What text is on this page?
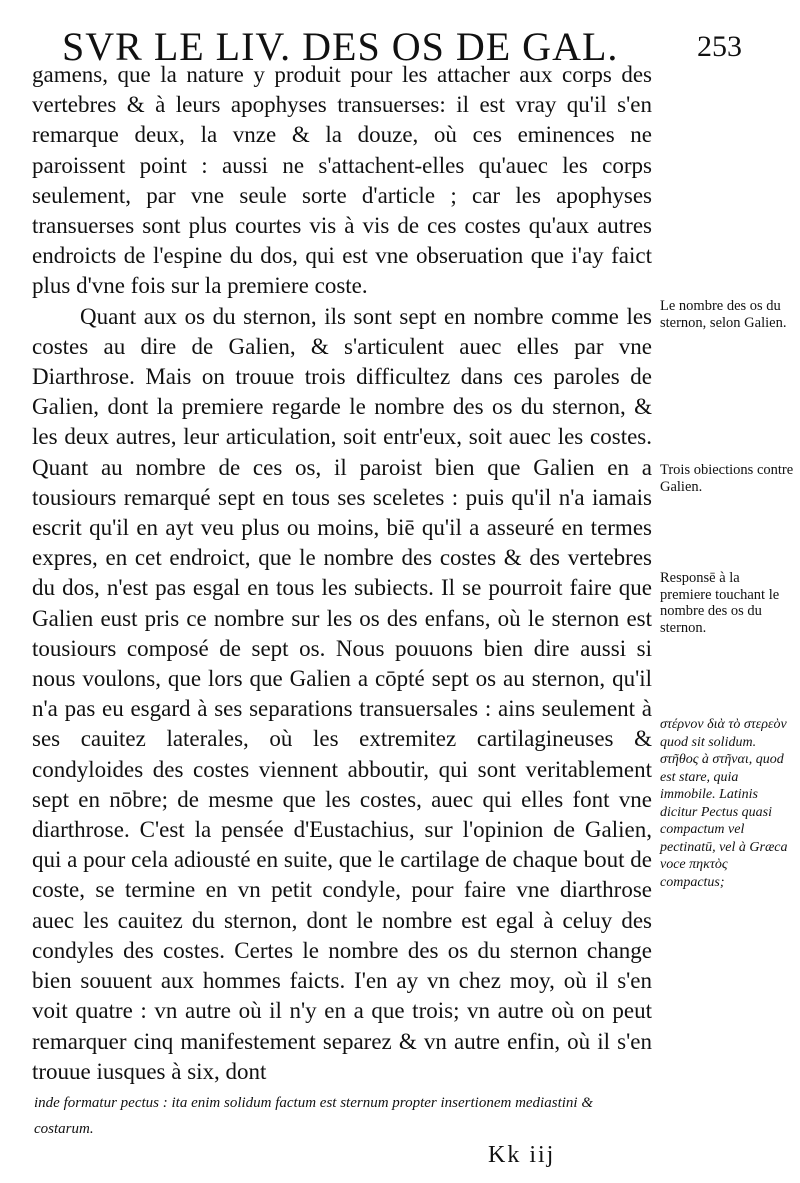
SVR LE LIV. DES OS DE GAL.	253

gamens, que la nature y produit pour les attacher aux corps des vertebres & à leurs apophyses transuerses: il est vray qu'il s'en remarque deux, la vnze & la douze, où ces eminences ne paroissent point : aussi ne s'attachent-elles qu'auec les corps seulement, par vne seule sorte d'article ; car les apophyses transuerses sont plus courtes vis à vis de ces costes qu'aux autres endroicts de l'espine du dos, qui est vne obseruation que i'ay faict plus d'vne fois sur la premiere coste.

Quant aux os du sternon, ils sont sept en nombre comme les costes au dire de Galien, & s'articulent auec elles par vne Diarthrose. Mais on trouue trois difficultez dans ces paroles de Galien, dont la premiere regarde le nombre des os du sternon, & les deux autres, leur articulation, soit entr'eux, soit auec les costes. Quant au nombre de ces os, il paroist bien que Galien en a tousiours remarqué sept en tous ses sceletes : puis qu'il n'a iamais escrit qu'il en ayt veu plus ou moins, biē qu'il a asseuré en termes expres, en cet endroict, que le nombre des costes & des vertebres du dos, n'est pas esgal en tous les subiects. Il se pourroit faire que Galien eust pris ce nombre sur les os des enfans, où le sternon est tousiours composé de sept os. Nous pouuons bien dire aussi si nous voulons, que lors que Galien a cōpté sept os au sternon, qu'il n'a pas eu esgard à ses separations transuersales : ains seulement à ses cauitez laterales, où les extremitez cartilagineuses & condyloides des costes viennent abboutir, qui sont veritablement sept en nōbre; de mesme que les costes, auec qui elles font vne diarthrose. C'est la pensée d'Eustachius, sur l'opinion de Galien, qui a pour cela adiousté en suite, que le cartilage de chaque bout de coste, se termine en vn petit condyle, pour faire vne diarthrose auec les cauitez du sternon, dont le nombre est egal à celuy des condyles des costes. Certes le nombre des os du sternon change bien souuent aux hommes faicts. I'en ay vn chez moy, où il s'en voit quatre : vn autre où il n'y en a que trois; vn autre où on peut remarquer cinq manifestement separez & vn autre enfin, où il s'en trouue iusques à six, dont

Le nombre des os du sternon, selon Galien.
Trois obiections contre Galien.
Responsē à la premiere touchant le nombre des os du sternon.
στέρνον διὰ τὸ στερεὸν quod sit solidum. στῆθος à στῆναι, quod est stare, quia immobile. Latinis dicitur Pectus quasi compactum vel pectinatū, vel à Græca voce πηκτὸς compactus;
inde formatur pectus : ita enim solidum factum est sternum propter insertionem mediastini & costarum.
Kk iij
